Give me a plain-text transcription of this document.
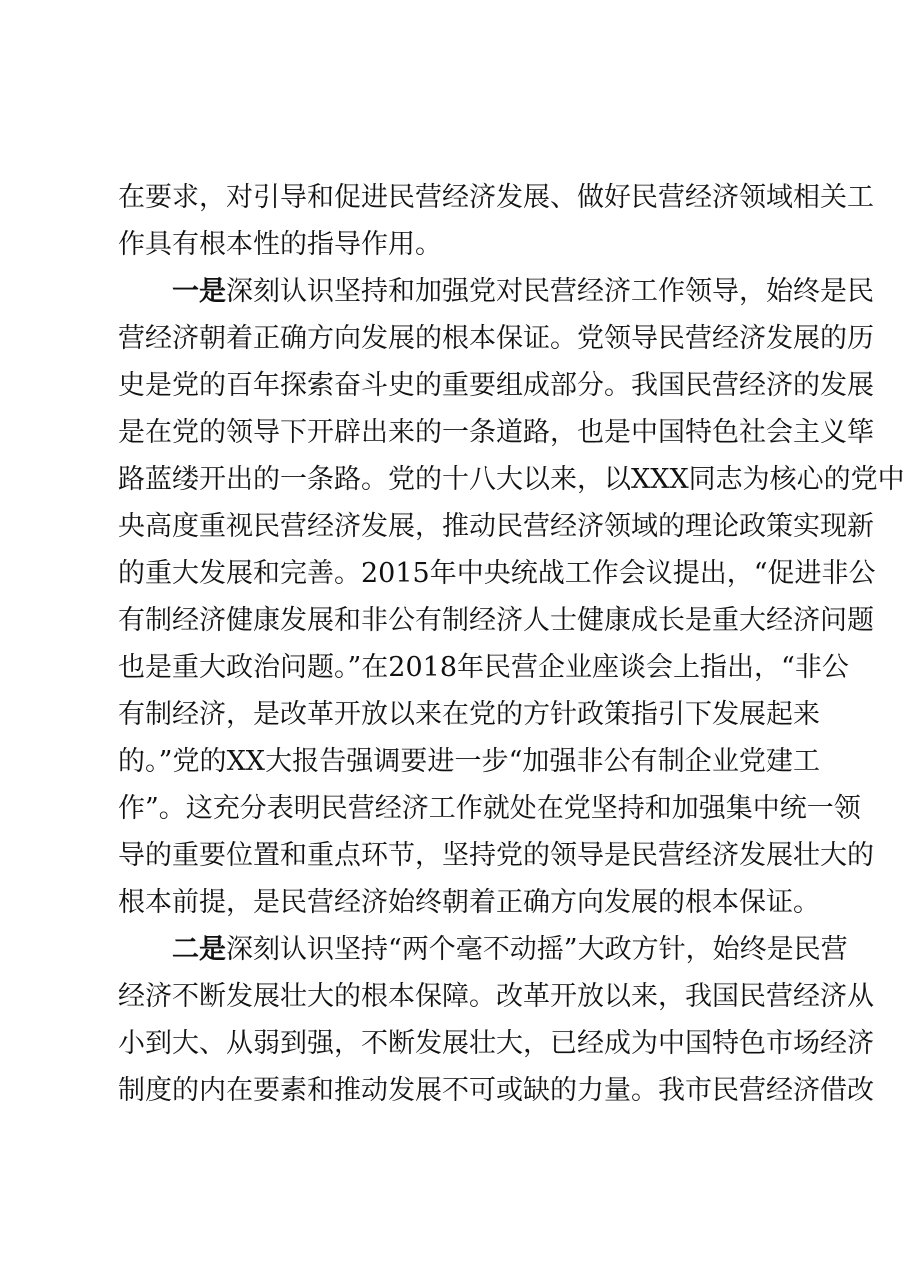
在要求，对引导和促进民营经济发展、做好民营经济领域相关工
作具有根本性的指导作用。
一是深刻认识坚持和加强党对民营经济工作领导，始终是民
营经济朝着正确方向发展的根本保证。党领导民营经济发展的历
史是党的百年探索奋斗史的重要组成部分。我国民营经济的发展
是在党的领导下开辟出来的一条道路，也是中国特色社会主义筚
路蓝缕开出的一条路。党的十八大以来，以XXX同志为核心的党中
央高度重视民营经济发展，推动民营经济领域的理论政策实现新
的重大发展和完善。2015年中央统战工作会议提出，“促进非公
有制经济健康发展和非公有制经济人士健康成长是重大经济问题
也是重大政治问题。”在2018年民营企业座谈会上指出，“非公
有制经济，是改革开放以来在党的方针政策指引下发展起来
的。”党的XX大报告强调要进一步“加强非公有制企业党建工
作”。这充分表明民营经济工作就处在党坚持和加强集中统一领
导的重要位置和重点环节，坚持党的领导是民营经济发展壮大的
根本前提，是民营经济始终朝着正确方向发展的根本保证。
二是深刻认识坚持“两个毫不动摇”大政方针，始终是民营
经济不断发展壮大的根本保障。改革开放以来，我国民营经济从
小到大、从弱到强，不断发展壮大，已经成为中国特色市场经济
制度的内在要素和推动发展不可或缺的力量。我市民营经济借改
